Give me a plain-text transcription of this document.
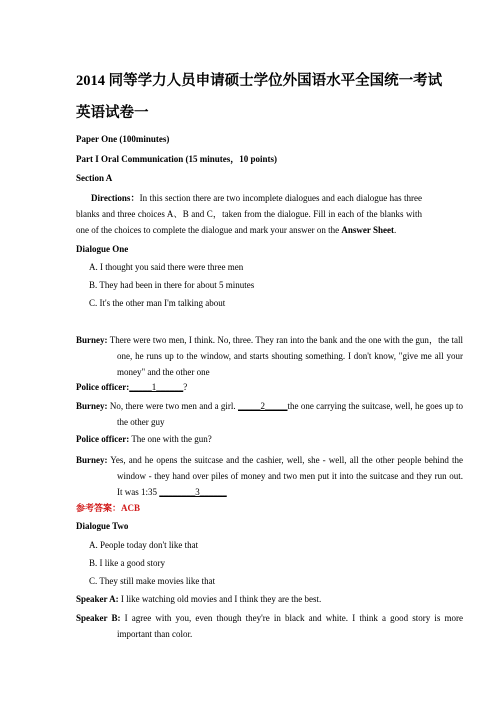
2014 同等学力人员申请硕士学位外国语水平全国统一考试
英语试卷一
Paper One (100minutes)
Part I Oral Communication (15 minutes，10 points)
Section A
Directions：In this section there are two incomplete dialogues and each dialogue has three blanks and three choices A、B and C，taken from the dialogue. Fill in each of the blanks with one of the choices to complete the dialogue and mark your answer on the Answer Sheet.
Dialogue One
A. I thought you said there were three men
B. They had been in there for about 5 minutes
C. It's the other man I'm talking about
Burney: There were two men, I think. No, three. They ran into the bank and the one with the gun，the tall one, he runs up to the window, and starts shouting something. I don't know, "give me all your money" and the other one
Police officer:_____1______?
Burney: No, there were two men and a girl. _____2_____the one carrying the suitcase, well, he goes up to the other guy
Police officer: The one with the gun?
Burney: Yes, and he opens the suitcase and the cashier, well, she - well, all the other people behind the window - they hand over piles of money and two men put it into the suitcase and they run out. It was 1:35 ________3______
参考答案：ACB
Dialogue Two
A. People today don't like that
B. I like a good story
C. They still make movies like that
Speaker A: I like watching old movies and I think they are the best.
Speaker B: I agree with you, even though they're in black and white. I think a good story is more important than color.
